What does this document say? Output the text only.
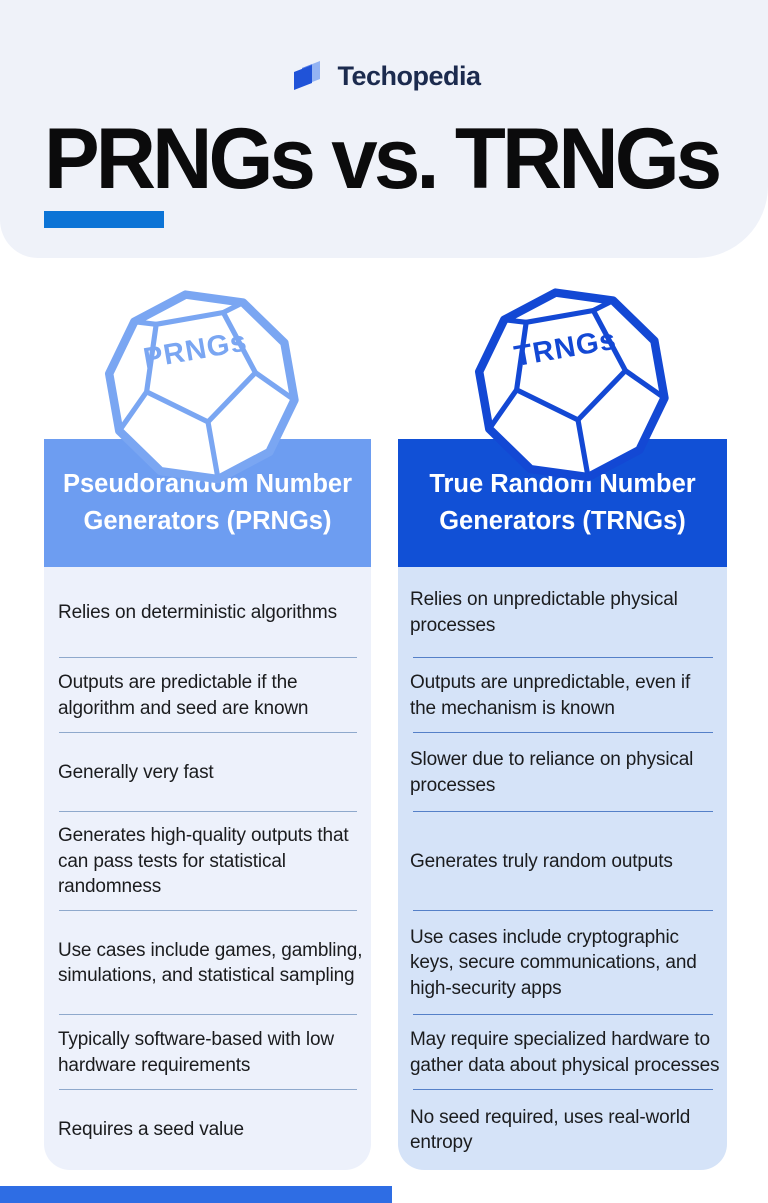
Techopedia
PRNGs vs. TRNGs
PRNGs	TRNGs
Pseudorandom Number
Generators (PRNGs)
True Random Number
Generators (TRNGs)
Relies on deterministic algorithms
Relies on unpredictable physical processes
Outputs are predictable if the algorithm and seed are known
Outputs are unpredictable, even if the mechanism is known
Generally very fast
Slower due to reliance on physical processes
Generates high-quality outputs that can pass tests for statistical randomness
Generates truly random outputs
Use cases include games, gambling, simulations, and statistical sampling
Use cases include cryptographic keys, secure communications, and high-security apps
Typically software-based with low hardware requirements
May require specialized hardware to gather data about physical processes
Requires a seed value
No seed required, uses real-world entropy
